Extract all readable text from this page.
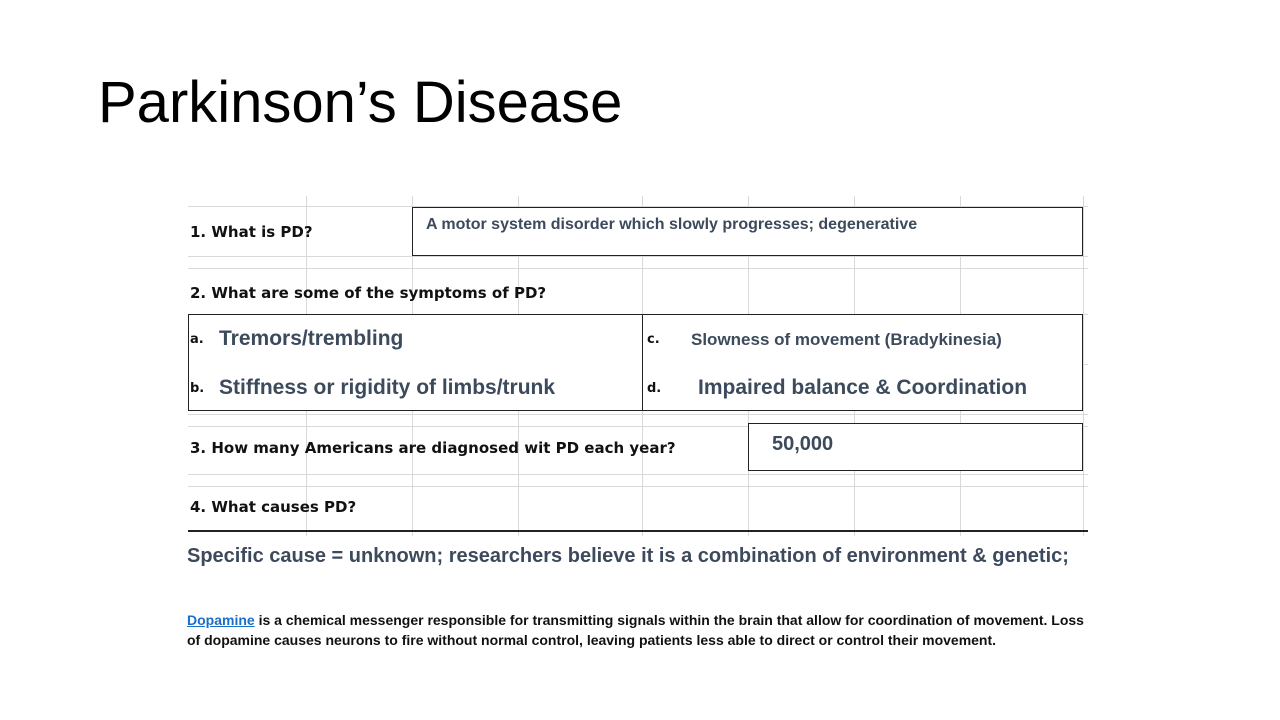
Parkinson’s Disease
1. What is PD?	A motor system disorder which slowly progresses; degenerative
2. What are some of the symptoms of PD?
a. Tremors/trembling
b. Stiffness or rigidity of limbs/trunk
c. Slowness of movement (Bradykinesia)
d. Impaired balance & Coordination
3. How many Americans are diagnosed wit PD each year?	50,000
4. What causes PD?
Specific cause = unknown; researchers believe it is a combination of environment & genetic;
Dopamine is a chemical messenger responsible for transmitting signals within the brain that allow for coordination of movement. Loss of dopamine causes neurons to fire without normal control, leaving patients less able to direct or control their movement.
